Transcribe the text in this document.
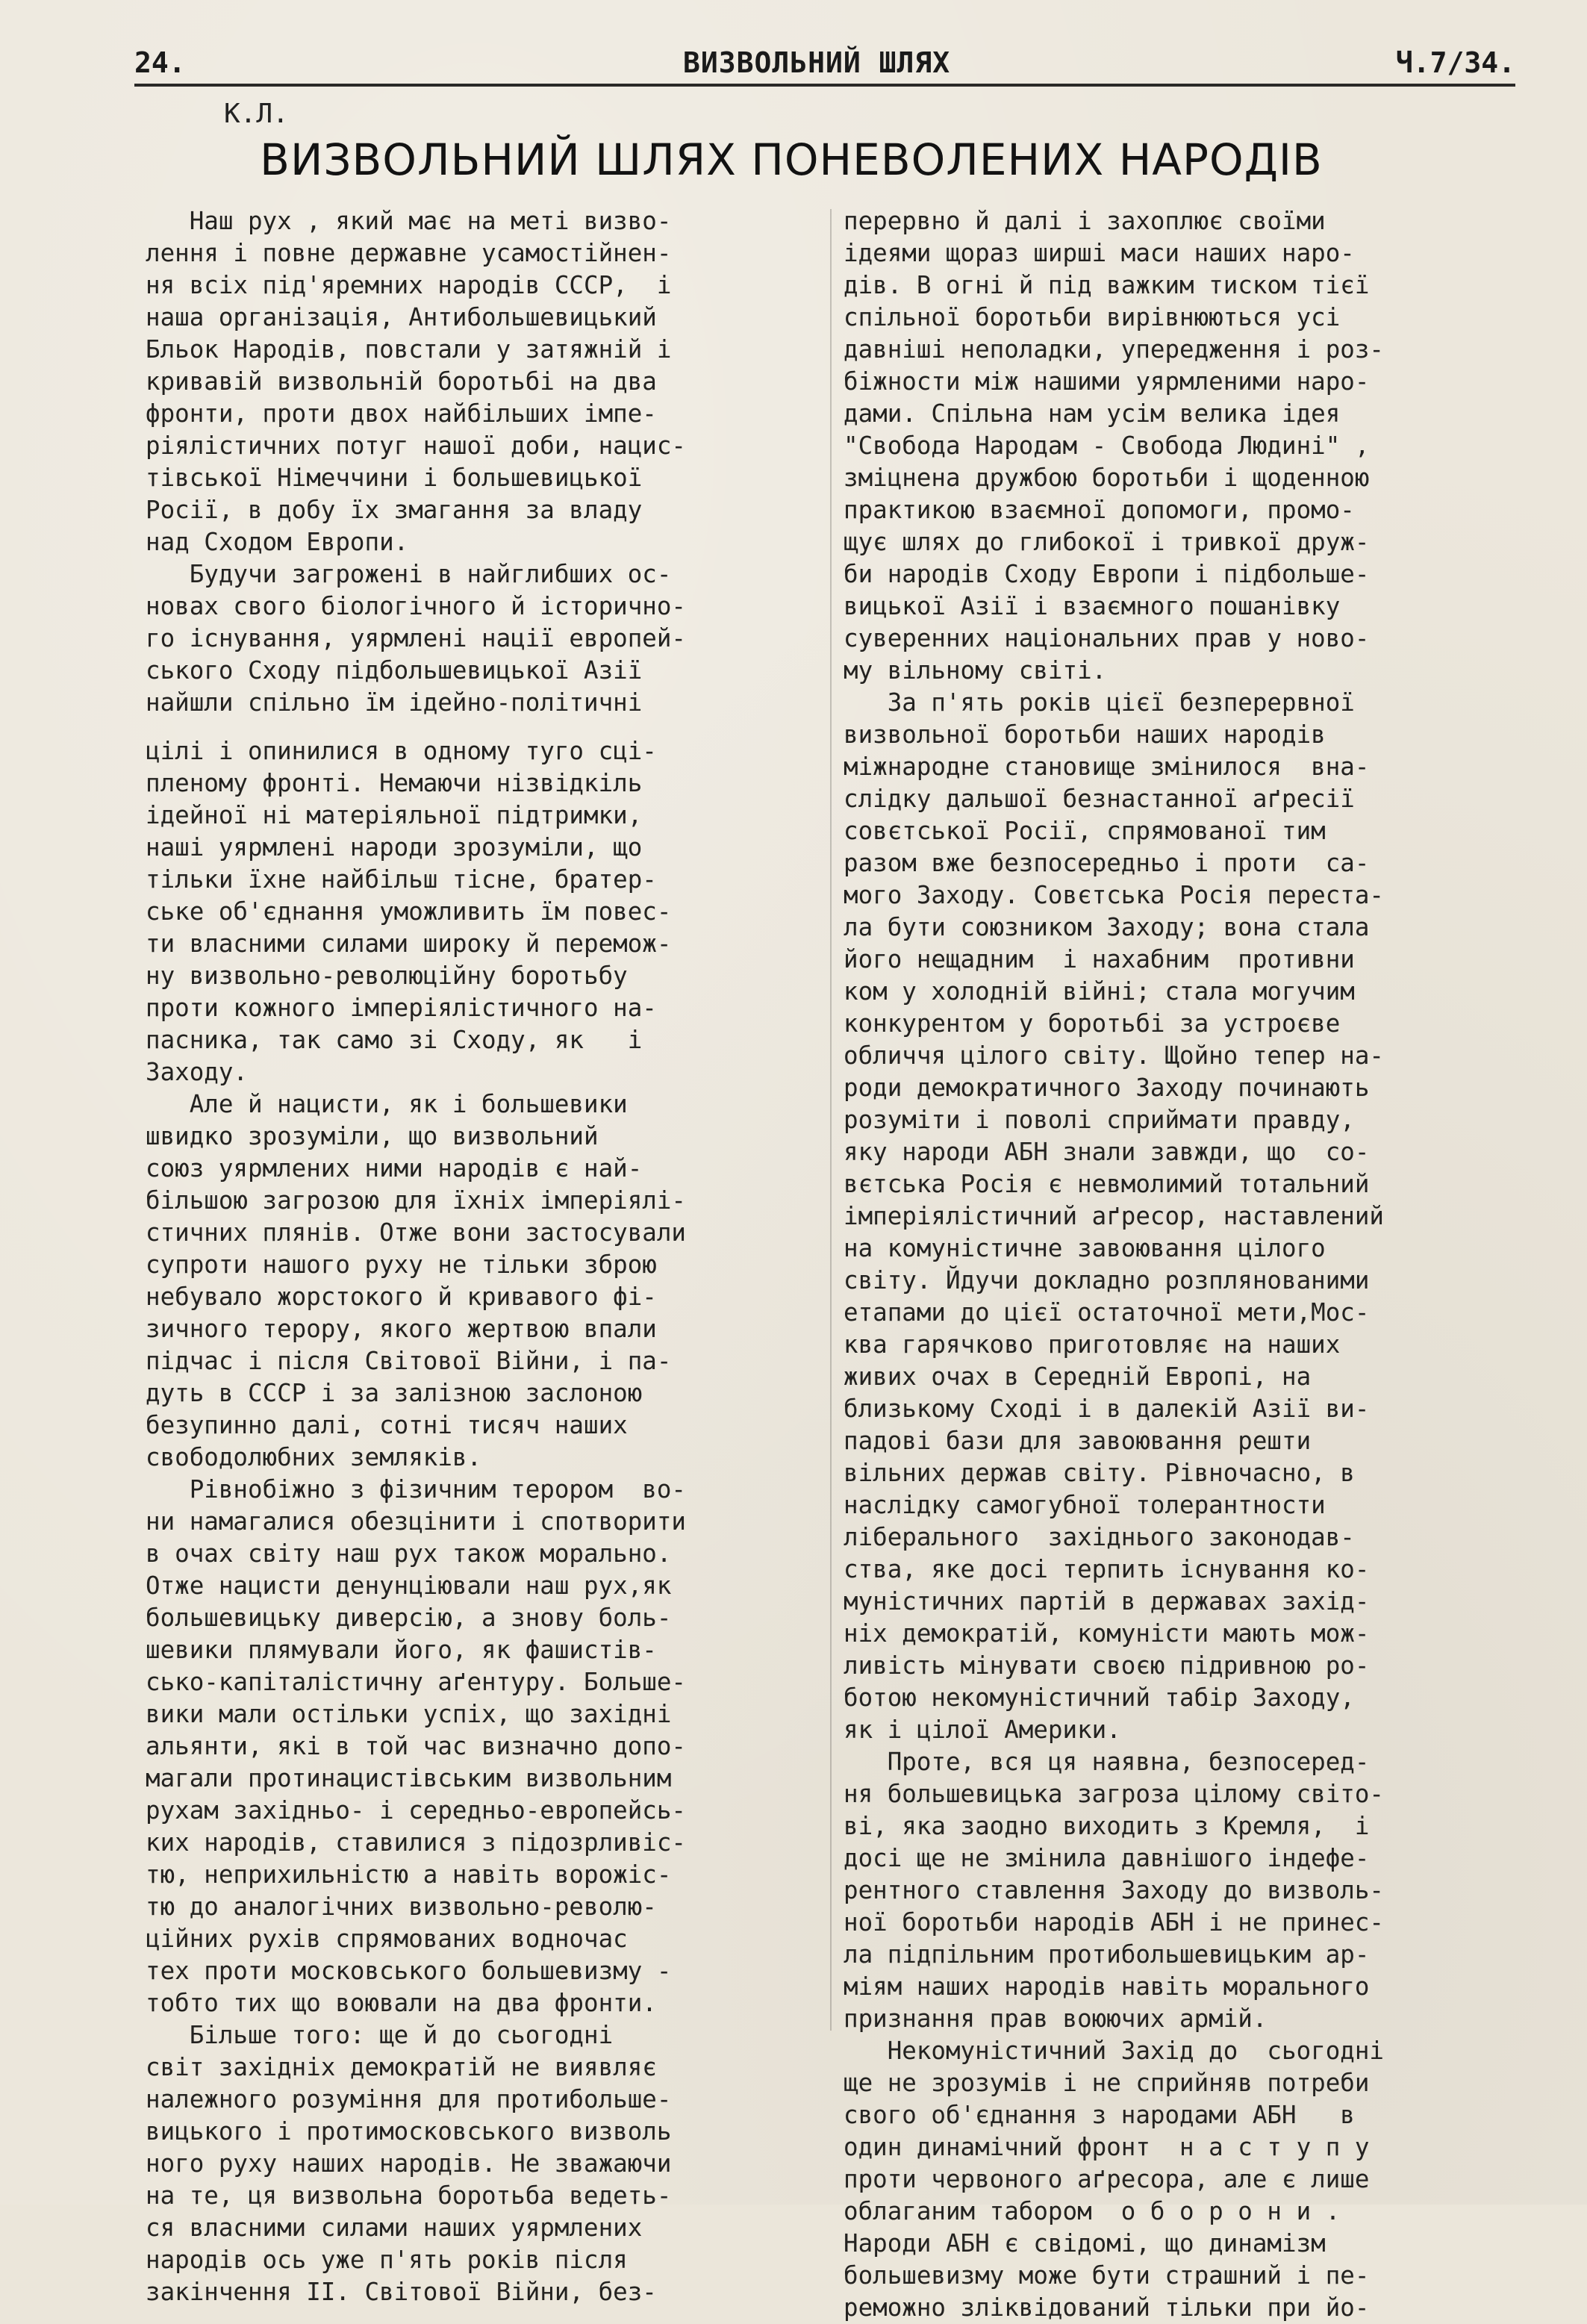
24.	ВИЗВОЛЬНИЙ ШЛЯХ	Ч.7/34.
К.Л.
ВИЗВОЛЬНИЙ ШЛЯХ ПОНЕВОЛЕНИХ НАРОДІВ
Наш рух , який має на меті визво-
лення і повне державне усамостійнен-
ня всіх під'яремних народів СССР,  і
наша організація, Антибольшевицький
Бльок Народів, повстали у затяжній і
кривавій визвольній боротьбі на два
фронти, проти двох найбільших імпе-
ріялістичних потуг нашої доби, нацис-
тівської Німеччини і большевицької
Росії, в добу їх змагання за владу
над Сходом Европи.
Будучи загрожені в найглибших ос-
новах свого біологічного й історично-
го існування, уярмлені нації европей-
ського Сходу підбольшевицької Азії
найшли спільно їм ідейно-політичні
цілі і опинилися в одному туго сці-
пленому фронті. Немаючи нізвідкіль
ідейної ні матеріяльної підтримки,
наші уярмлені народи зрозуміли, що
тільки їхне найбільш тісне, братер-
ське об'єднання уможливить їм повес-
ти власними силами широку й перемож-
ну визвольно-революційну боротьбу
проти кожного імперіялістичного на-
пасника, так само зі Сходу, як   і
Заходу.
Але й нацисти, як і большевики
швидко зрозуміли, що визвольний
союз уярмлених ними народів є най-
більшою загрозою для їхніх імперіялі-
стичних плянів. Отже вони застосували
супроти нашого руху не тільки зброю
небувало жорстокого й кривавого фі-
зичного терору, якого жертвою впали
підчас і після Світової Війни, і па-
дуть в СССР і за залізною заслоною
безупинно далі, сотні тисяч наших
свободолюбних земляків.
Рівнобіжно з фізичним терором  во-
ни намагалися обезцінити і спотворити
в очах світу наш рух також морально.
Отже нацисти денунціювали наш рух,як
большевицьку диверсію, а знову боль-
шевики плямували його, як фашистів-
сько-капіталістичну аґентуру. Больше-
вики мали остільки успіх, що західні
альянти, які в той час визначно допо-
магали протинацистівським визвольним
рухам західньо- і середньо-европейсь-
ких народів, ставилися з підозрливіс-
тю, неприхильністю а навіть ворожіс-
тю до аналогічних визвольно-револю-
ційних рухів спрямованих водночас
тех проти московського большевизму -
тобто тих що воювали на два фронти.
Більше того: ще й до сьогодні
світ західніх демократій не виявляє
належного розуміння для протибольше-
вицького і протимосковського визволь
ного руху наших народів. Не зважаючи
на те, ця визвольна боротьба ведеть-
ся власними силами наших уярмлених
народів ось уже п'ять років після
закінчення II. Світової Війни, без-
перервно й далі і захоплює своїми
ідеями щораз ширші маси наших наро-
дів. В огні й під важким тиском тієї
спільної боротьби вирівнюються усі
давніші неполадки, упередження і роз-
біжности між нашими уярмленими наро-
дами. Спільна нам усім велика ідея
"Свобода Народам - Свобода Людині" ,
зміцнена дружбою боротьби і щоденною
практикою взаємної допомоги, промо-
щує шлях до глибокої і тривкої друж-
би народів Сходу Европи і підбольше-
вицької Азії і взаємного пошанівку
суверенних національних прав у ново-
му вільному світі.
За п'ять років цієї безперервної
визвольної боротьби наших народів
міжнародне становище змінилося  вна-
слідку дальшої безнастанної аґресії
совєтської Росії, спрямованої тим
разом вже безпосередньо і проти  са-
мого Заходу. Совєтська Росія переста-
ла бути союзником Заходу; вона стала
його нещадним  і нахабним  противни
ком у холодній війні; стала могучим
конкурентом у боротьбі за устроєве
обличчя цілого світу. Щойно тепер на-
роди демократичного Заходу починають
розуміти і поволі сприймати правду,
яку народи АБН знали завжди, що  со-
вєтська Росія є невмолимий тотальний
імперіялістичний аґресор, наставлений
на комуністичне завоювання цілого
світу. Йдучи докладно розплянованими
етапами до цієї остаточної мети,Мос-
ква гарячково приготовляє на наших
живих очах в Середній Европі, на
близькому Сході і в далекій Азії ви-
падові бази для завоювання решти
вільних держав світу. Рівночасно, в
наслідку самогубної толерантности
ліберального  західнього законодав-
ства, яке досі терпить існування ко-
муністичних партій в державах захід-
ніх демократій, комуністи мають мож-
ливість мінувати своєю підривною ро-
ботою некомуністичний табір Заходу,
як і цілої Америки.
Проте, вся ця наявна, безпосеред-
ня большевицька загроза цілому світо-
ві, яка заодно виходить з Кремля,  і
досі ще не змінила давнішого індефе-
рентного ставлення Заходу до визволь-
ної боротьби народів АБН і не принес-
ла підпільним протибольшевицьким ар-
міям наших народів навіть морального
признання прав воюючих армій.
Некомуністичний Захід до  сьогодні
ще не зрозумів і не сприйняв потреби
свого об'єднання з народами АБН   в
один динамічний фронт  н а с т у п у
проти червоного аґресора, але є лише
облаганим табором  о б о р о н и .
Народи АБН є свідомі, що динамізм
большевизму може бути страшний і пе-
реможно зліквідований тільки при йо-
